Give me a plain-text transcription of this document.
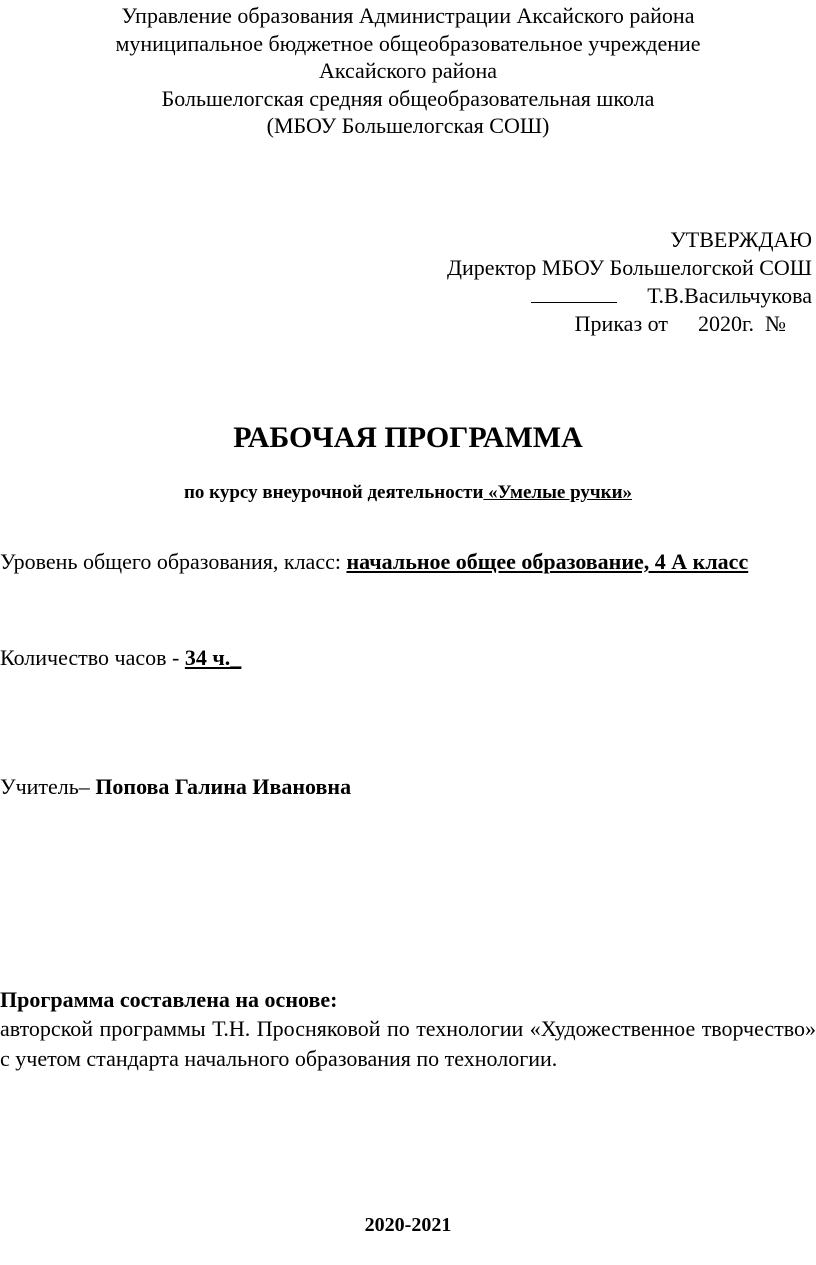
Управление образования Администрации Аксайского района
муниципальное бюджетное общеобразовательное учреждение
Аксайского района
Большелогская средняя общеобразовательная школа
(МБОУ Большелогская СОШ)
УТВЕРЖДАЮ
Директор МБОУ Большелогской СОШ
Т.В.Васильчукова
Приказ от 2020г. №
РАБОЧАЯ ПРОГРАММА
по курсу внеурочной деятельности «Умелые ручки»
Уровень общего образования, класс: начальное общее образование, 4 А класс
Количество часов - 34 ч._
Учитель– Попова Галина Ивановна
Программа составлена на основе:
авторской программы Т.Н. Просняковой по технологии «Художественное творчество» с учетом стандарта начального образования по технологии.
2020-2021
